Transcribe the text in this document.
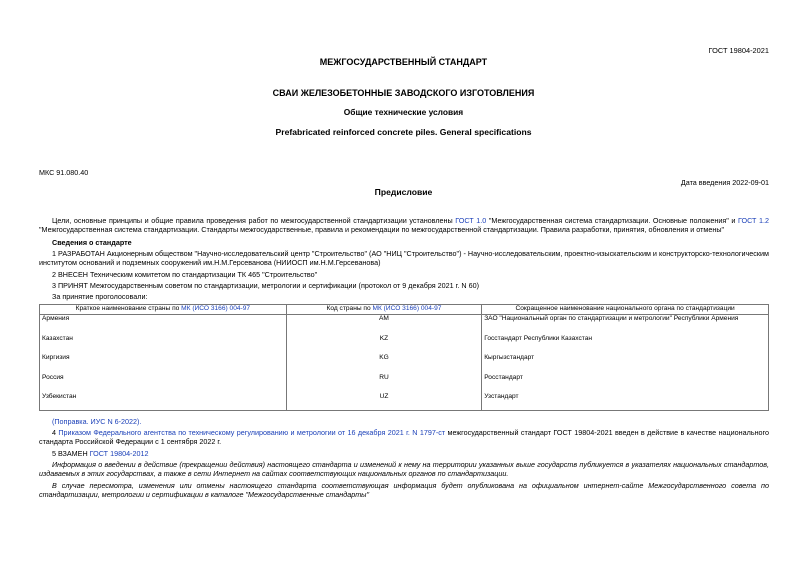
ГОСТ 19804-2021
МЕЖГОСУДАРСТВЕННЫЙ СТАНДАРТ
СВАИ ЖЕЛЕЗОБЕТОННЫЕ ЗАВОДСКОГО ИЗГОТОВЛЕНИЯ
Общие технические условия
Prefabricated reinforced concrete piles. General specifications
МКС 91.080.40
Дата введения 2022-09-01
Предисловие
Цели, основные принципы и общие правила проведения работ по межгосударственной стандартизации установлены ГОСТ 1.0 "Межгосударственная система стандартизации. Основные положения" и ГОСТ 1.2 "Межгосударственная система стандартизации. Стандарты межгосударственные, правила и рекомендации по межгосударственной стандартизации. Правила разработки, принятия, обновления и отмены"
Сведения о стандарте
1 РАЗРАБОТАН Акционерным обществом "Научно-исследовательский центр "Строительство" (АО "НИЦ "Строительство") - Научно-исследовательским, проектно-изыскательским и конструкторско-технологическим институтом оснований и подземных сооружений им.Н.М.Герсеванова (НИИОСП им.Н.М.Герсеванова)
2 ВНЕСЕН Техническим комитетом по стандартизации ТК 465 "Строительство"
3 ПРИНЯТ Межгосударственным советом по стандартизации, метрологии и сертификации (протокол от 9 декабря 2021 г. N 60)
За принятие проголосовали:
Краткое наименование страны по МК (ИСО 3166) 004-97	Код страны по МК (ИСО 3166) 004-97	Сокращенное наименование национального органа по стандартизации
Армения	AM	ЗАО "Национальный орган по стандартизации и метрологии" Республики Армения
Казахстан	KZ	Госстандарт Республики Казахстан
Киргизия	KG	Кыргызстандарт
Россия	RU	Росстандарт
Узбекистан	UZ	Узстандарт
(Поправка. ИУС N 6-2022).
4 Приказом Федерального агентства по техническому регулированию и метрологии от 16 декабря 2021 г. N 1797-ст межгосударственный стандарт ГОСТ 19804-2021 введен в действие в качестве национального стандарта Российской Федерации с 1 сентября 2022 г.
5 ВЗАМЕН ГОСТ 19804-2012
Информация о введении в действие (прекращении действия) настоящего стандарта и изменений к нему на территории указанных выше государств публикуется в указателях национальных стандартов, издаваемых в этих государствах, а также в сети Интернет на сайтах соответствующих национальных органов по стандартизации.
В случае пересмотра, изменения или отмены настоящего стандарта соответствующая информация будет опубликована на официальном интернет-сайте Межгосударственного совета по стандартизации, метрологии и сертификации в каталоге "Межгосударственные стандарты"
